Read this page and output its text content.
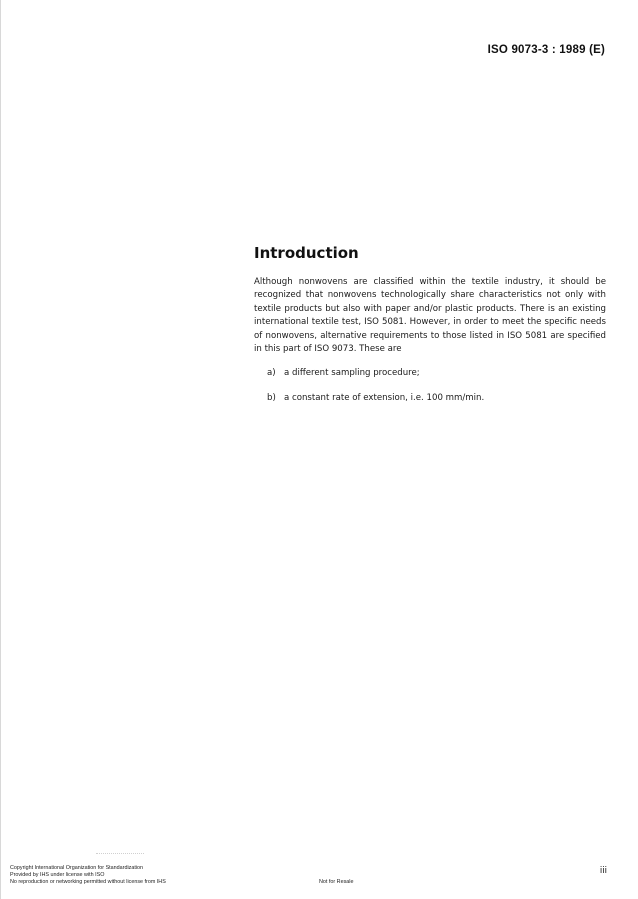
ISO 9073-3 : 1989 (E)
Introduction

Although nonwovens are classified within the textile industry, it should be recognized that nonwovens technologically share characteristics not only with textile products but also with paper and/or plastic products. There is an existing international textile test, ISO 5081. However, in order to meet the specific needs of nonwovens, alternative requirements to those listed in ISO 5081 are specified in this part of ISO 9073. These are

a) a different sampling procedure;
b) a constant rate of extension, i.e. 100 mm/min.
Copyright International Organization for Standardization
Provided by IHS under license with ISO
No reproduction or networking permitted without license from IHS	Not for Resale
iii
